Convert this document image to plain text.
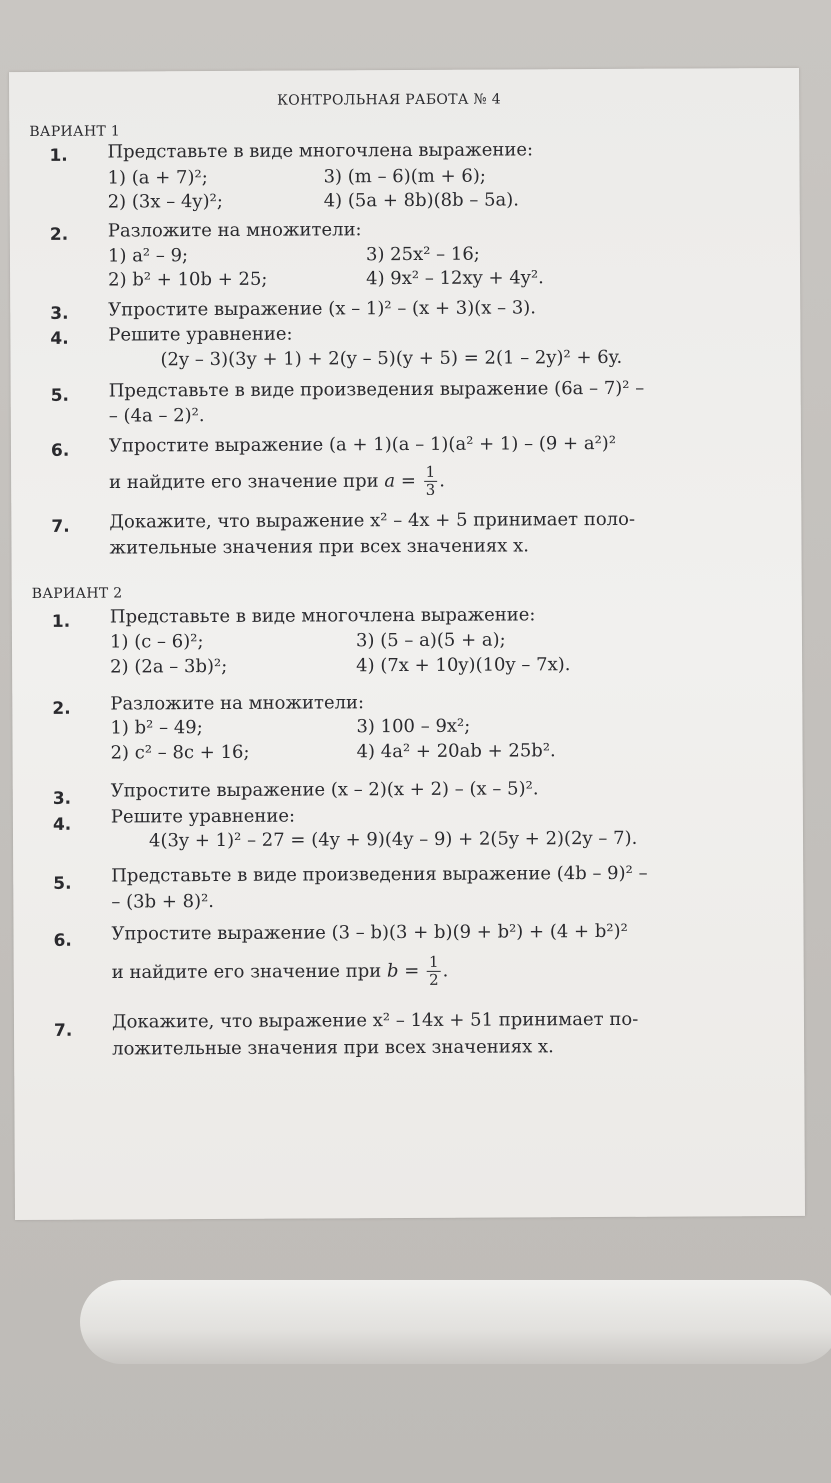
КОНТРОЛЬНАЯ РАБОТА № 4
ВАРИАНТ 1
1. Представьте в виде многочлена выражение:
1) (a + 7)²;	3) (m – 6)(m + 6);
2) (3x – 4y)²;	4) (5a + 8b)(8b – 5a).
2. Разложите на множители:
1) a² – 9;	3) 25x² – 16;
2) b² + 10b + 25;	4) 9x² – 12xy + 4y².
3. Упростите выражение (x – 1)² – (x + 3)(x – 3).
4. Решите уравнение:
(2y – 3)(3y + 1) + 2(y – 5)(y + 5) = 2(1 – 2y)² + 6y.
5. Представьте в виде произведения выражение (6a – 7)² –
– (4a – 2)².
6. Упростите выражение (a + 1)(a – 1)(a² + 1) – (9 + a²)²
и найдите его значение при $a = \frac{1}{3}$ .
7. Докажите, что выражение x² – 4x + 5 принимает поло-
жительные значения при всех значениях x.
ВАРИАНТ 2
1. Представьте в виде многочлена выражение:
1) (c – 6)²;	3) (5 – a)(5 + a);
2) (2a – 3b)²;	4) (7x + 10y)(10y – 7x).
2. Разложите на множители:
1) b² – 49;	3) 100 – 9x²;
2) c² – 8c + 16;	4) 4a² + 20ab + 25b².
3. Упростите выражение (x – 2)(x + 2) – (x – 5)².
4. Решите уравнение:
4(3y + 1)² – 27 = (4y + 9)(4y – 9) + 2(5y + 2)(2y – 7).
5. Представьте в виде произведения выражение (4b – 9)² –
– (3b + 8)².
6. Упростите выражение (3 – b)(3 + b)(9 + b²) + (4 + b²)²
и найдите его значение при $b = \frac{1}{2}$ .
7. Докажите, что выражение x² – 14x + 51 принимает по-
ложительные значения при всех значениях x.
